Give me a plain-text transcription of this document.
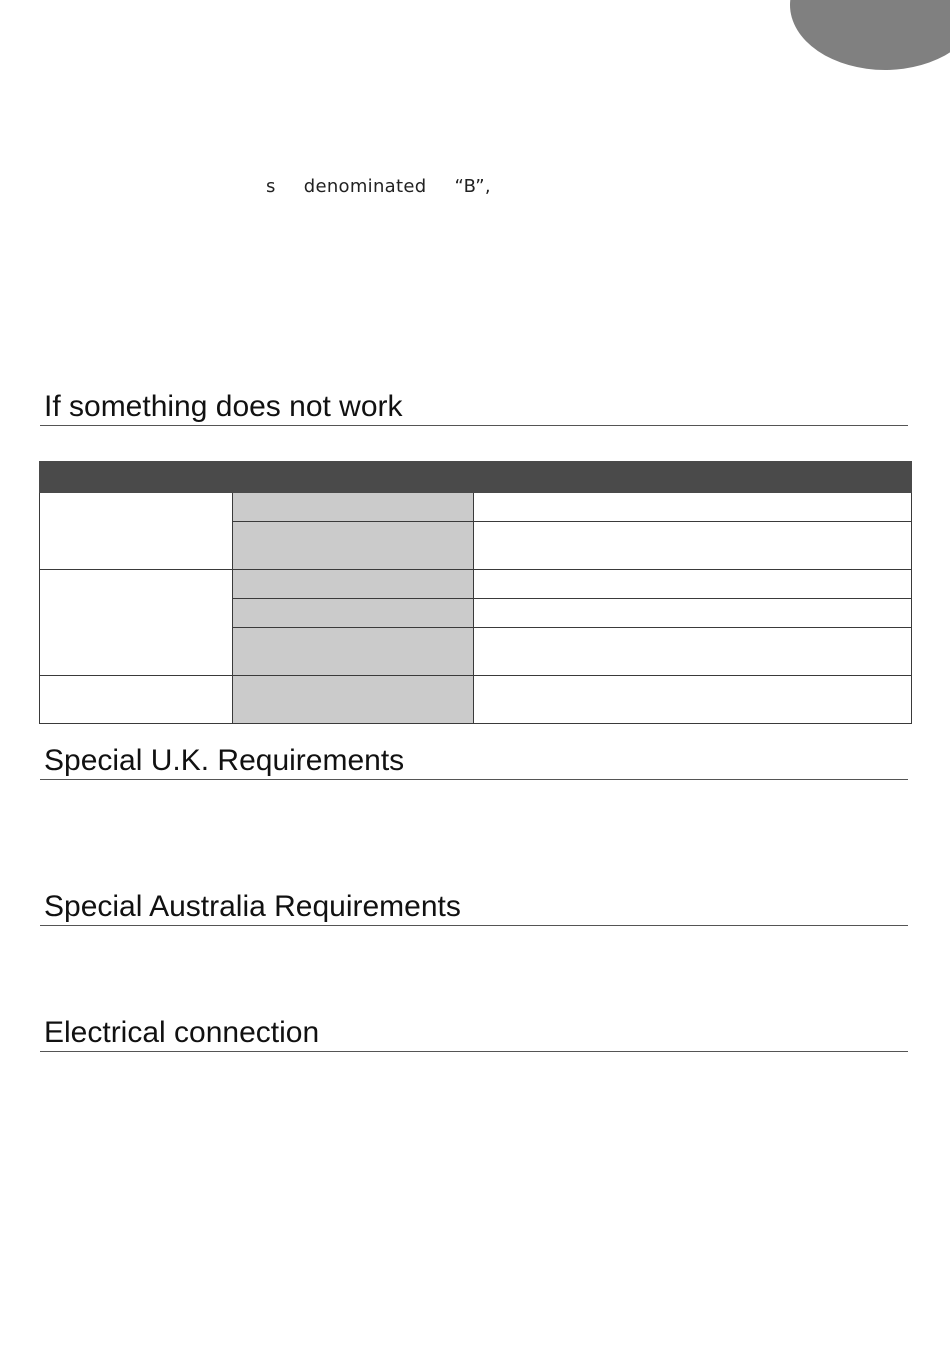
s  denominated  “B”,
If something does not work

Special U.K. Requirements
Special Australia Requirements
Electrical connection
